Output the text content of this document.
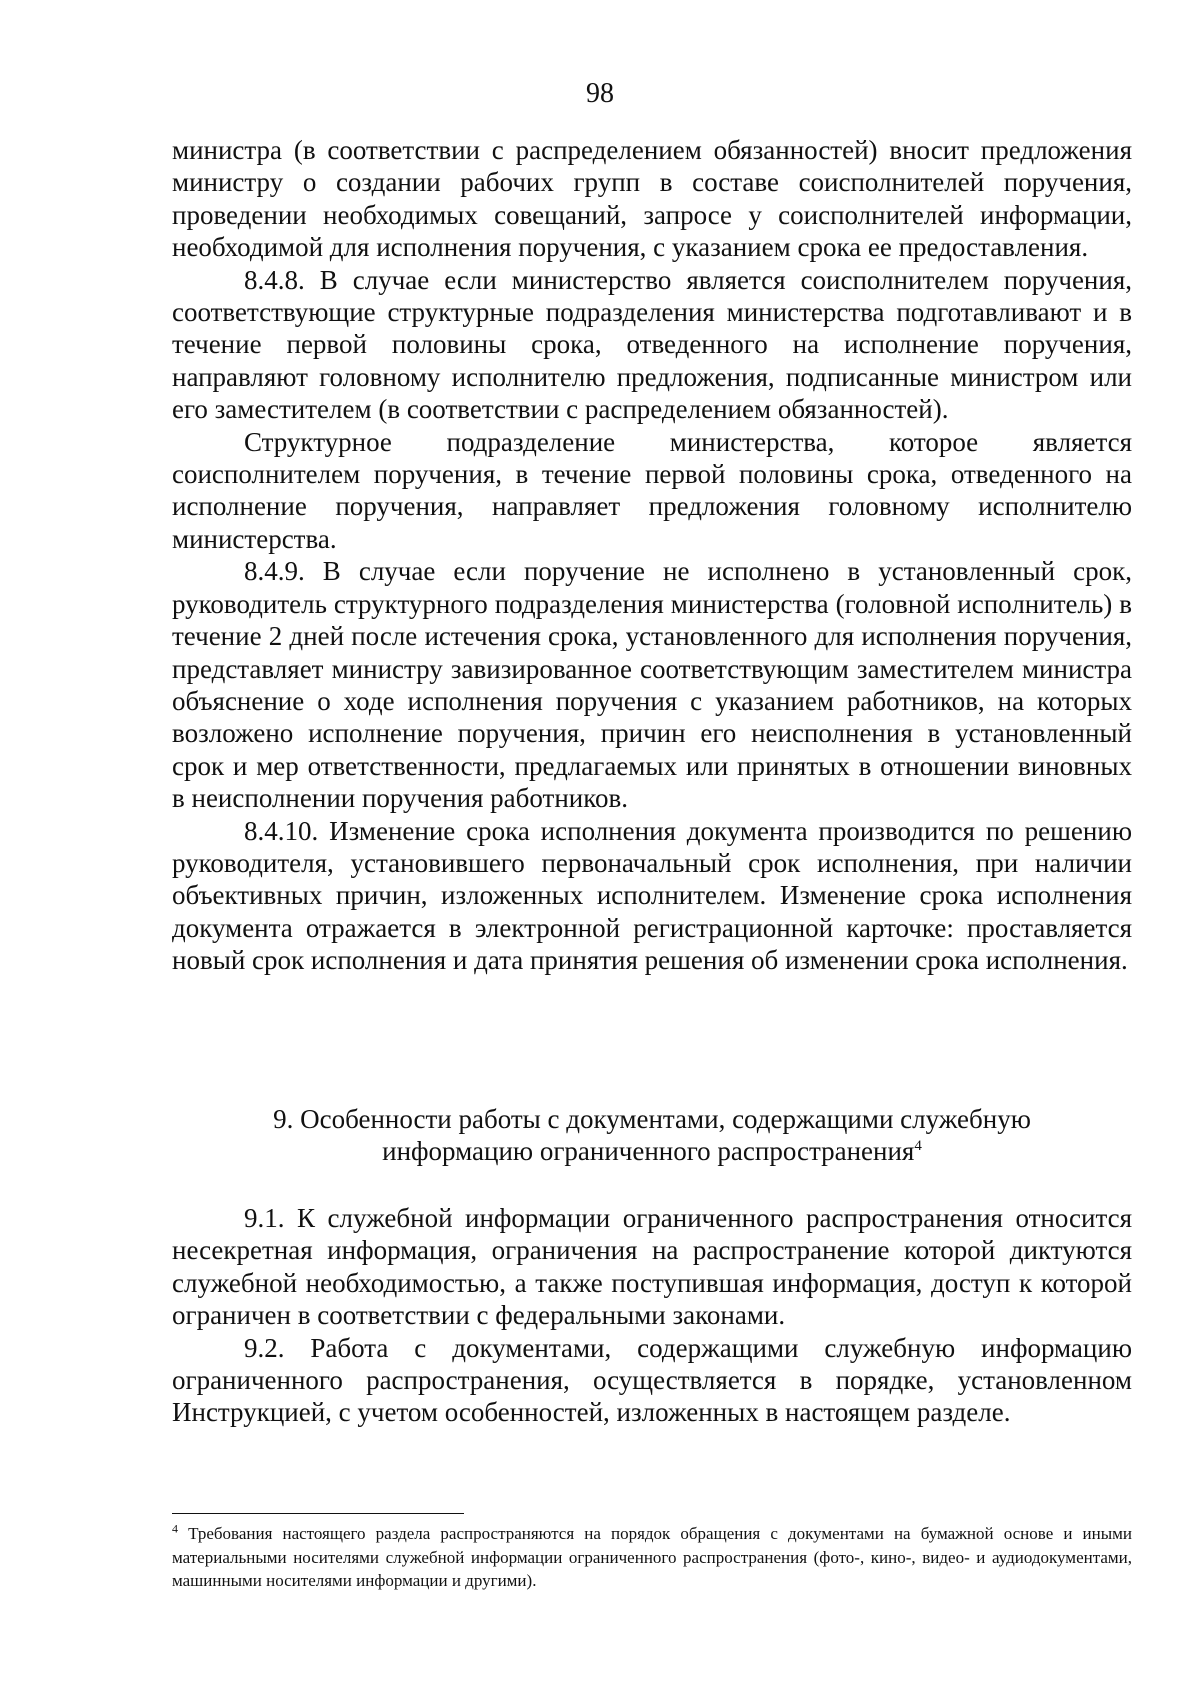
98

министра (в соответствии с распределением обязанностей) вносит предложения министру о создании рабочих групп в составе соисполнителей поручения, проведении необходимых совещаний, запросе у соисполнителей информации, необходимой для исполнения поручения, с указанием срока ее предоставления.

8.4.8. В случае если министерство является соисполнителем поручения, соответствующие структурные подразделения министерства подготавливают и в течение первой половины срока, отведенного на исполнение поручения, направляют головному исполнителю предложения, подписанные министром или его заместителем (в соответствии с распределением обязанностей).

Структурное подразделение министерства, которое является соисполнителем поручения, в течение первой половины срока, отведенного на исполнение поручения, направляет предложения головному исполнителю министерства.

8.4.9. В случае если поручение не исполнено в установленный срок, руководитель структурного подразделения министерства (головной исполнитель) в течение 2 дней после истечения срока, установленного для исполнения поручения, представляет министру завизированное соответствующим заместителем министра объяснение о ходе исполнения поручения с указанием работников, на которых возложено исполнение поручения, причин его неисполнения в установленный срок и мер ответственности, предлагаемых или принятых в отношении виновных в неисполнении поручения работников.

8.4.10. Изменение срока исполнения документа производится по решению руководителя, установившего первоначальный срок исполнения, при наличии объективных причин, изложенных исполнителем. Изменение срока исполнения документа отражается в электронной регистрационной карточке: проставляется новый срок исполнения и дата принятия решения об изменении срока исполнения.

9. Особенности работы с документами, содержащими служебную
информацию ограниченного распространения$^4$

9.1. К служебной информации ограниченного распространения относится несекретная информация, ограничения на распространение которой диктуются служебной необходимостью, а также поступившая информация, доступ к которой ограничен в соответствии с федеральными законами.

9.2. Работа с документами, содержащими служебную информацию ограниченного распространения, осуществляется в порядке, установленном Инструкцией, с учетом особенностей, изложенных в настоящем разделе.

$^4$ Требования настоящего раздела распространяются на порядок обращения с документами на бумажной основе и иными материальными носителями служебной информации ограниченного распространения (фото-, кино-, видео- и аудиодокументами, машинными носителями информации и другими).
